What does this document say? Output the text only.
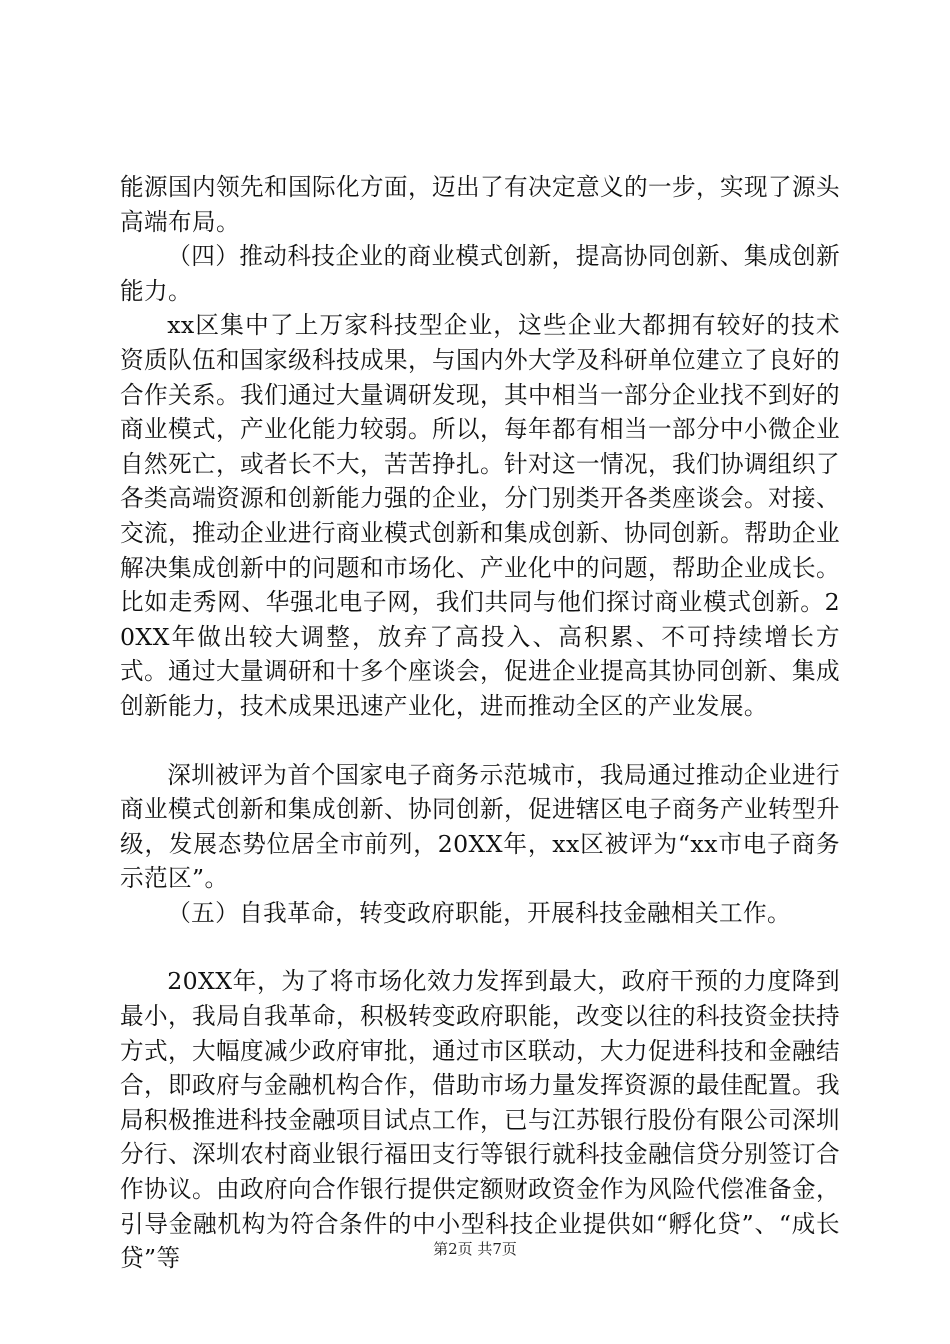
能源国内领先和国际化方面，迈出了有决定意义的一步，实现了源头高端布局。

（四）推动科技企业的商业模式创新，提高协同创新、集成创新能力。

xx区集中了上万家科技型企业，这些企业大都拥有较好的技术资质队伍和国家级科技成果，与国内外大学及科研单位建立了良好的合作关系。我们通过大量调研发现，其中相当一部分企业找不到好的商业模式，产业化能力较弱。所以，每年都有相当一部分中小微企业自然死亡，或者长不大，苦苦挣扎。针对这一情况，我们协调组织了各类高端资源和创新能力强的企业，分门别类开各类座谈会。对接、交流，推动企业进行商业模式创新和集成创新、协同创新。帮助企业解决集成创新中的问题和市场化、产业化中的问题，帮助企业成长。比如走秀网、华强北电子网，我们共同与他们探讨商业模式创新。20XX年做出较大调整，放弃了高投入、高积累、不可持续增长方式。通过大量调研和十多个座谈会，促进企业提高其协同创新、集成创新能力，技术成果迅速产业化，进而推动全区的产业发展。

深圳被评为首个国家电子商务示范城市，我局通过推动企业进行商业模式创新和集成创新、协同创新，促进辖区电子商务产业转型升级，发展态势位居全市前列，20XX年，xx区被评为“xx市电子商务示范区”。

（五）自我革命，转变政府职能，开展科技金融相关工作。

20XX年，为了将市场化效力发挥到最大，政府干预的力度降到最小，我局自我革命，积极转变政府职能，改变以往的科技资金扶持方式，大幅度减少政府审批，通过市区联动，大力促进科技和金融结合，即政府与金融机构合作，借助市场力量发挥资源的最佳配置。我局积极推进科技金融项目试点工作，已与江苏银行股份有限公司深圳分行、深圳农村商业银行福田支行等银行就科技金融信贷分别签订合作协议。由政府向合作银行提供定额财政资金作为风险代偿准备金，引导金融机构为符合条件的中小型科技企业提供如“孵化贷”、“成长贷”等	第2页 共7页
